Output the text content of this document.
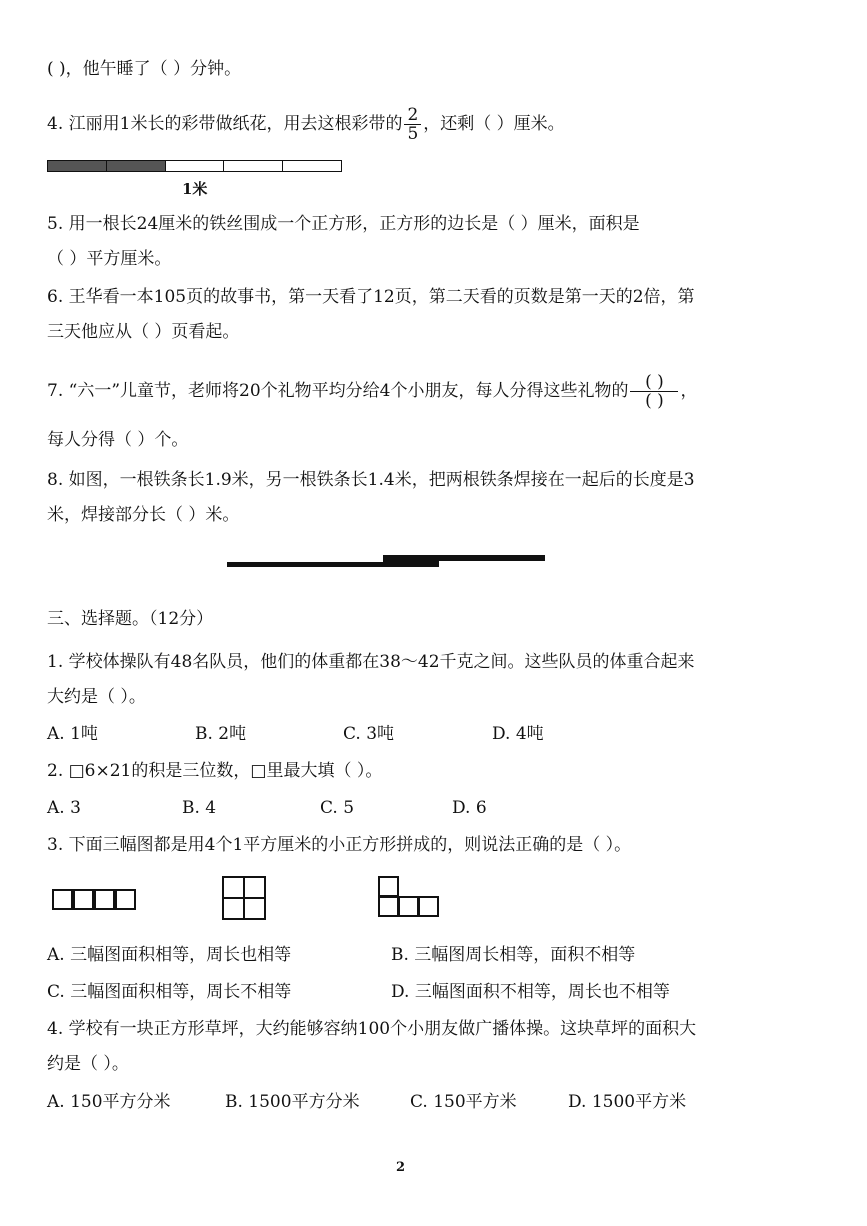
( )，他午睡了（ ）分钟。
4. 江丽用1米长的彩带做纸花，用去这根彩带的 $\frac{2}{5}$ ，还剩（ ）厘米。
1米
5. 用一根长24厘米的铁丝围成一个正方形，正方形的边长是（ ）厘米，面积是
（ ）平方厘米。
6. 王华看一本105页的故事书，第一天看了12页，第二天看的页数是第一天的2倍，第
三天他应从（ ）页看起。
7. “六一”儿童节，老师将20个礼物平均分给4个小朋友，每人分得这些礼物的 $\frac{( )}{( )}$ ，
每人分得（ ）个。
8. 如图，一根铁条长1.9米，另一根铁条长1.4米，把两根铁条焊接在一起后的长度是3
米，焊接部分长（ ）米。
三、选择题。（12分）
1. 学校体操队有48名队员，他们的体重都在38～42千克之间。这些队员的体重合起来
大约是（ ）。
A. 1吨	B. 2吨	C. 3吨	D. 4吨
2. □6×21的积是三位数，□里最大填（ ）。
A. 3	B. 4	C. 5	D. 6
3. 下面三幅图都是用4个1平方厘米的小正方形拼成的，则说法正确的是（ ）。
A. 三幅图面积相等，周长也相等	B. 三幅图周长相等，面积不相等
C. 三幅图面积相等，周长不相等	D. 三幅图面积不相等，周长也不相等
4. 学校有一块正方形草坪，大约能够容纳100个小朋友做广播体操。这块草坪的面积大
约是（ ）。
A. 150平方分米	B. 1500平方分米	C. 150平方米	D. 1500平方米
2
